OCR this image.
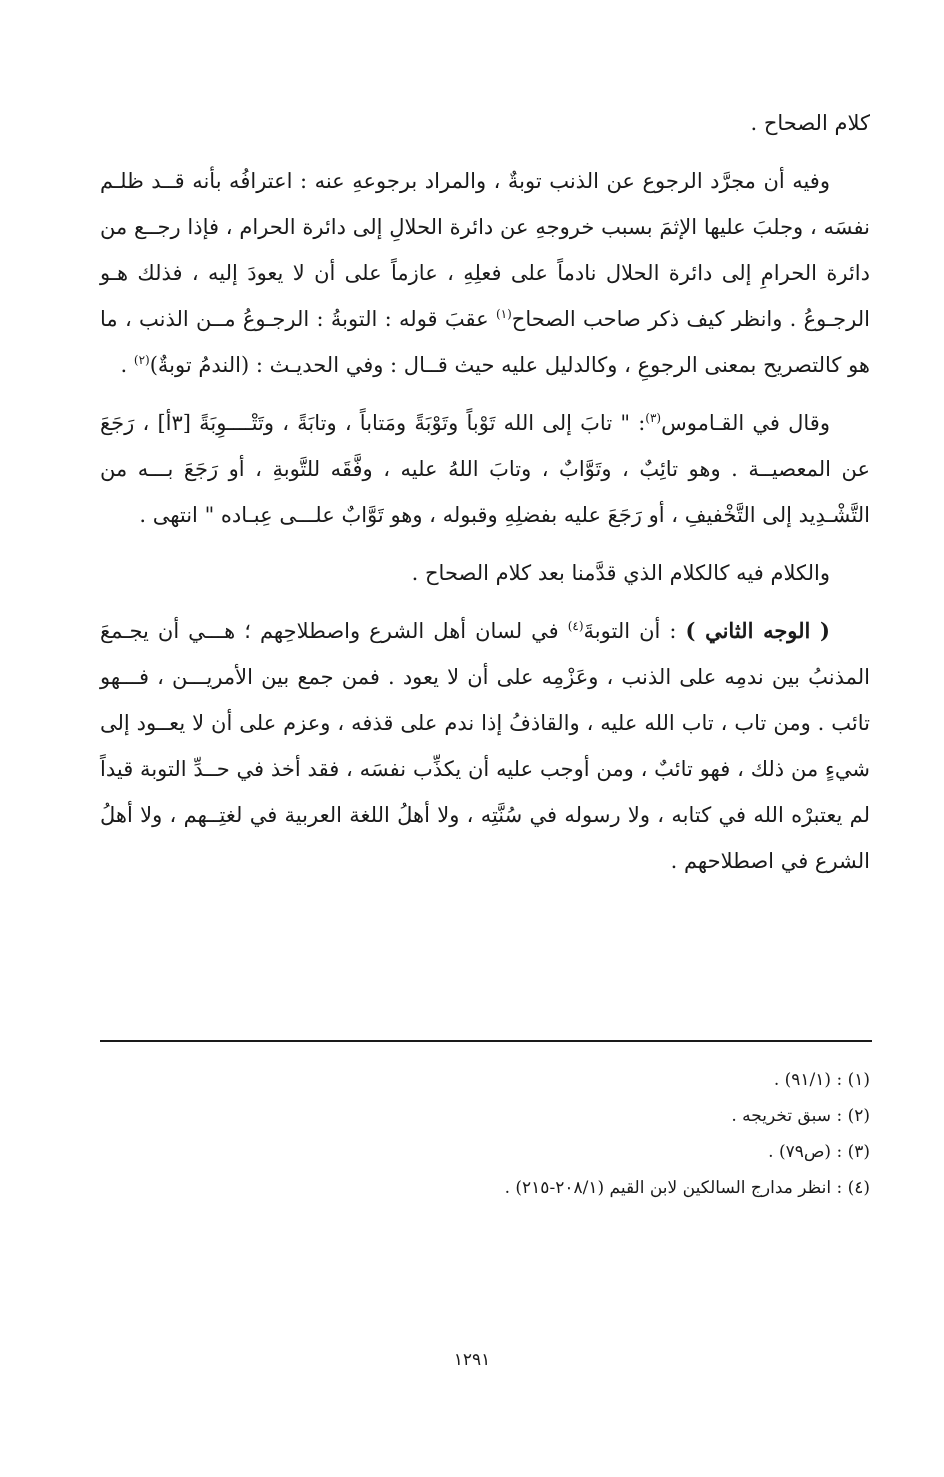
كلام الصحاح .

وفيه أن مجرَّد الرجوع عن الذنب توبةٌ ، والمراد برجوعهِ عنه : اعترافُه بأنه قــد ظلـم نفسَه ، وجلبَ عليها الإثمَ بسبب خروجهِ عن دائرة الحلالِ إلى دائرة الحرام ، فإذا رجــع من دائرة الحرامِ إلى دائرة الحلال نادماً على فعلِهِ ، عازماً على أن لا يعودَ إليه ، فذلك هـو الرجـوعُ . وانظر كيف ذكر صاحب الصحاح$^{(١)}$ عقبَ قوله : التوبةُ : الرجـوعُ مــن الذنب ، ما هو كالتصريح بمعنى الرجوعِ ، وكالدليل عليه حيث قــال : وفي الحديـث : (الندمُ توبةٌ)$^{(٢)}$ .

وقال في القـاموس$^{(٣)}$: " تابَ إلى الله تَوْباً وتَوْبَةً ومَتاباً ، وتابَةً ، وتَتْــــوِبَةً [٣أ] ، رَجَعَ عن المعصيــة . وهو تائِبٌ ، وتَوَّابٌ ، وتابَ اللهُ عليه ، وفَّقَه للتَّوبةِ ، أو رَجَعَ بـــه من التَّشْـدِيد إلى التَّخْفيفِ ، أو رَجَعَ عليه بفضلِهِ وقبوله ، وهو تَوَّابٌ علـــى عِبـاده " انتهى .

والكلام فيه كالكلام الذي قدَّمنا بعد كلام الصحاح .

( الوجه الثاني ) : أن التوبةَ$^{(٤)}$ في لسان أهل الشرع واصطلاحِهم ؛ هـــي أن يجـمعَ المذنبُ بين ندمِه على الذنب ، وعَزْمِه على أن لا يعود . فمن جمع بين الأمريـــن ، فـــهو تائب . ومن تاب ، تاب الله عليه ، والقاذفُ إذا ندم على قذفه ، وعزم على أن لا يعــود إلى شيءٍ من ذلك ، فهو تائبٌ ، ومن أوجب عليه أن يكذِّب نفسَه ، فقد أخذ في حــدِّ التوبة قيداً لم يعتبرْه الله في كتابه ، ولا رسوله في سُنَّتِه ، ولا أهلُ اللغة العربية في لغتِــهم ، ولا أهلُ الشرع في اصطلاحهم .

(١) : (٩١/١) .
(٢) : سبق تخريجه .
(٣) : (ص٧٩) .
(٤) : انظر مدارج السالكين لابن القيم (٢٠٨/١-٢١٥) .
١٢٩١
